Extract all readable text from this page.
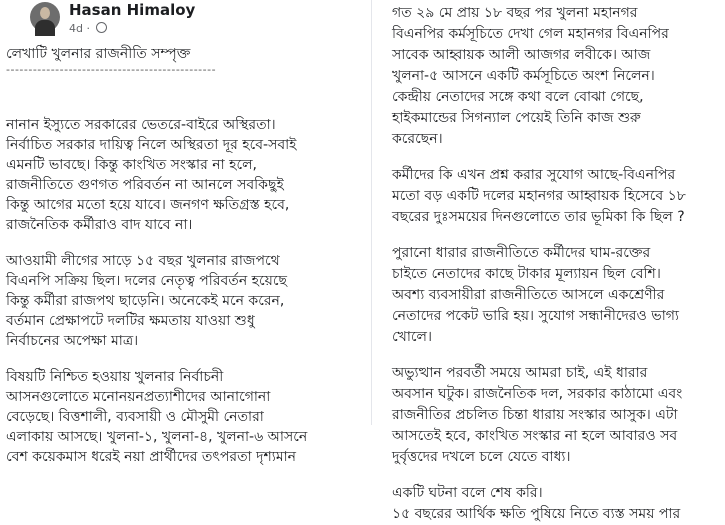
Hasan Himaloy
4d ·
লেখাটি খুলনার রাজনীতি সম্পৃক্ত
-----------------------------------------------

নানান ইস্যুতে সরকারের ভেতরে-বাইরে অস্থিরতা।
নির্বাচিত সরকার দায়িত্ব নিলে অস্থিরতা দূর হবে-সবাই
এমনটি ভাবছে। কিন্তু কাংখিত সংস্কার না হলে,
রাজনীতিতে গুণগত পরিবর্তন না আনলে সবকিছুই
কিন্তু আগের মতো হয়ে যাবে। জনগণ ক্ষতিগ্রস্ত হবে,
রাজনৈতিক কর্মীরাও বাদ যাবে না।

আওয়ামী লীগের সাড়ে ১৫ বছর খুলনার রাজপথে
বিএনপি সক্রিয় ছিল। দলের নেতৃত্ব পরিবর্তন হয়েছে
কিন্তু কর্মীরা রাজপথ ছাড়েনি। অনেকেই মনে করেন,
বর্তমান প্রেক্ষাপটে দলটির ক্ষমতায় যাওয়া শুধু
নির্বাচনের অপেক্ষা মাত্র।

বিষয়টি নিশ্চিত হওয়ায় খুলনার নির্বাচনী
আসনগুলোতে মনোনয়নপ্রত্যাশীদের আনাগোনা
বেড়েছে। বিত্তশালী, ব্যবসায়ী ও মৌসুমী নেতারা
এলাকায় আসছে। খুলনা-১, খুলনা-৪, খুলনা-৬ আসনে
বেশ কয়েকমাস ধরেই নয়া প্রার্থীদের তৎপরতা দৃশ্যমান

গত ২৯ মে প্রায় ১৮ বছর পর খুলনা মহানগর
বিএনপির কর্মসূচিতে দেখা গেল মহানগর বিএনপির
সাবেক আহ্বায়ক আলী আজগর লবীকে। আজ
খুলনা-৫ আসনে একটি কর্মসূচিতে অংশ নিলেন।
কেন্দ্রীয় নেতাদের সঙ্গে কথা বলে বোঝা গেছে,
হাইকমান্ডের সিগন্যাল পেয়েই তিনি কাজ শুরু
করেছেন।

কর্মীদের কি এখন প্রশ্ন করার সুযোগ আছে-বিএনপির
মতো বড় একটি দলের মহানগর আহ্বায়ক হিসেবে ১৮
বছরের দুঃসময়ের দিনগুলোতে তার ভূমিকা কি ছিল ?

পুরানো ধারার রাজনীতিতে কর্মীদের ঘাম-রক্তের
চাইতে নেতাদের কাছে টাকার মূল্যায়ন ছিল বেশি।
অবশ্য ব্যবসায়ীরা রাজনীতিতে আসলে একশ্রেণীর
নেতাদের পকেট ভারি হয়। সুযোগ সন্ধানীদেরও ভাগ্য
খোলে।

অভ্যুত্থান পরবর্তী সময়ে আমরা চাই, এই ধারার
অবসান ঘটুক। রাজনৈতিক দল, সরকার কাঠামো এবং
রাজনীতির প্রচলিত চিন্তা ধারায় সংস্কার আসুক। এটা
আসতেই হবে, কাংখিত সংস্কার না হলে আবারও সব
দুর্বৃত্তদের দখলে চলে যেতে বাধ্য।

একটি ঘটনা বলে শেষ করি।
১৫ বছরের আর্থিক ক্ষতি পুষিয়ে নিতে ব্যস্ত সময় পার
